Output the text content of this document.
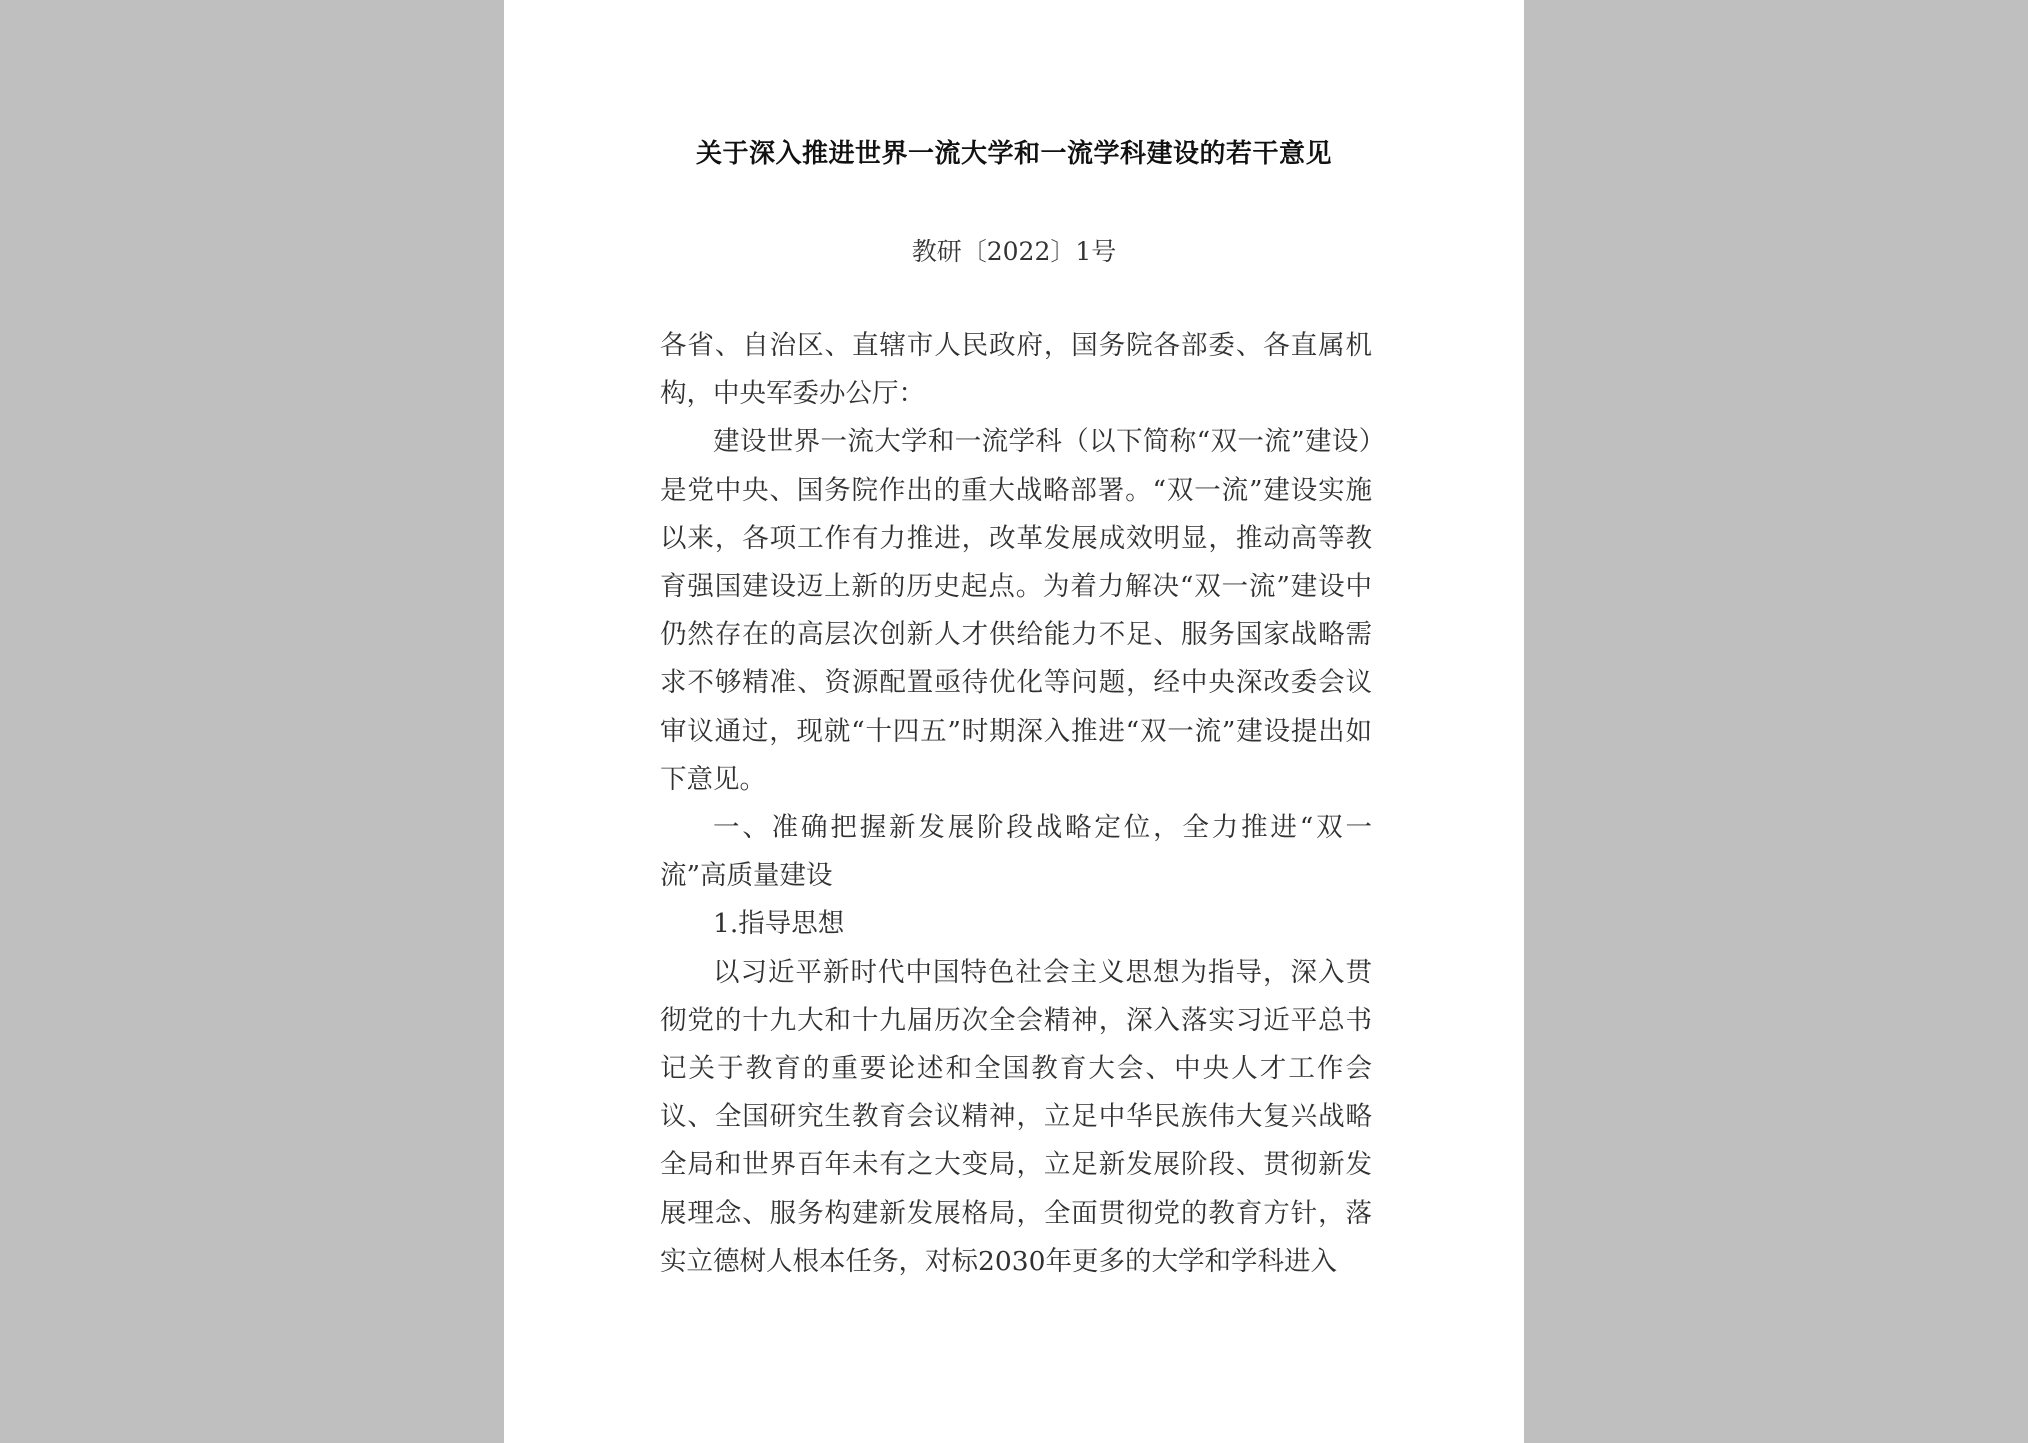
关于深入推进世界一流大学和一流学科建设的若干意见
教研〔2022〕1号

各省、自治区、直辖市人民政府，国务院各部委、各直属机构，中央军委办公厅：

建设世界一流大学和一流学科（以下简称“双一流”建设）是党中央、国务院作出的重大战略部署。“双一流”建设实施以来，各项工作有力推进，改革发展成效明显，推动高等教育强国建设迈上新的历史起点。为着力解决“双一流”建设中仍然存在的高层次创新人才供给能力不足、服务国家战略需求不够精准、资源配置亟待优化等问题，经中央深改委会议审议通过，现就“十四五”时期深入推进“双一流”建设提出如下意见。

一、准确把握新发展阶段战略定位，全力推进“双一流”高质量建设

1.指导思想

以习近平新时代中国特色社会主义思想为指导，深入贯彻党的十九大和十九届历次全会精神，深入落实习近平总书记关于教育的重要论述和全国教育大会、中央人才工作会议、全国研究生教育会议精神，立足中华民族伟大复兴战略全局和世界百年未有之大变局，立足新发展阶段、贯彻新发展理念、服务构建新发展格局，全面贯彻党的教育方针，落实立德树人根本任务，对标2030年更多的大学和学科进入
